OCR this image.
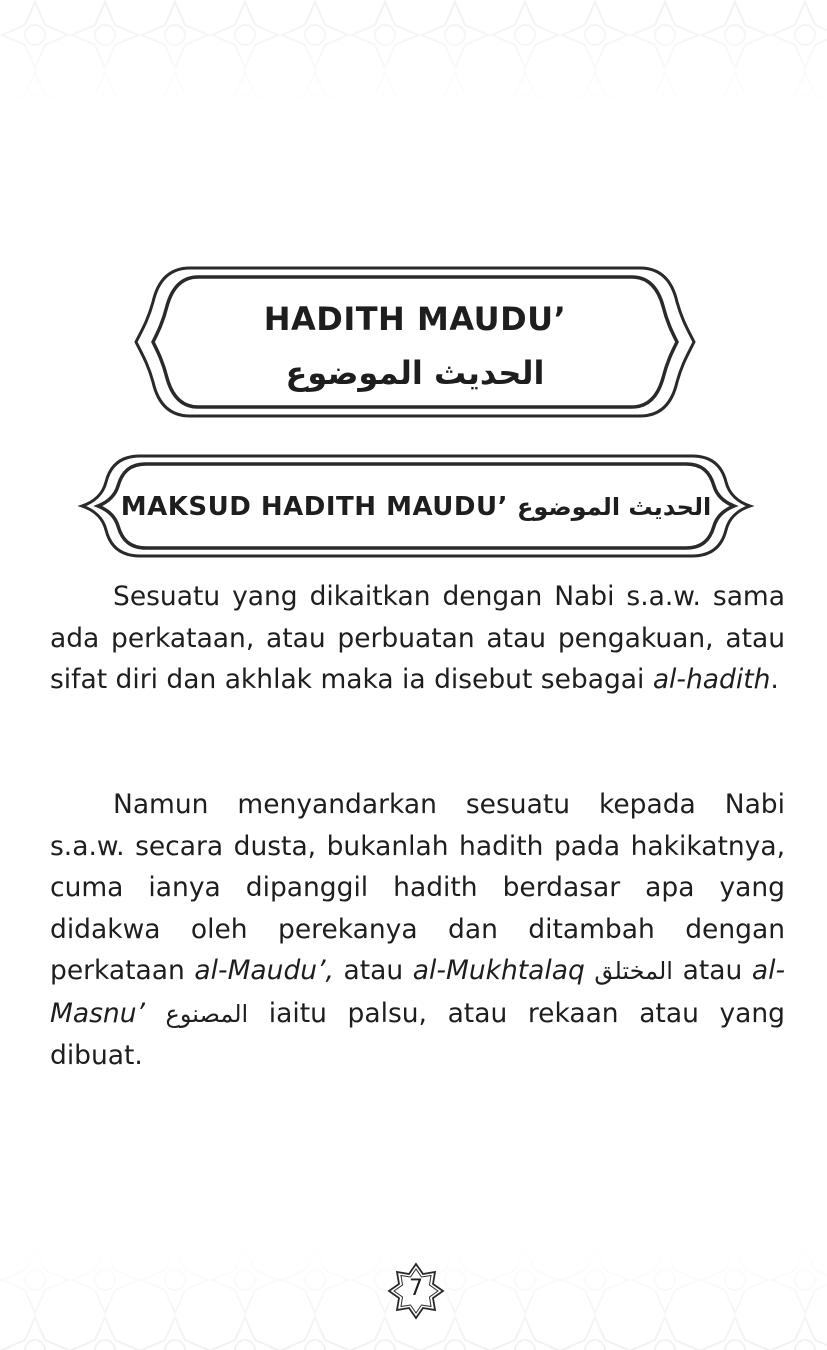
HADITH MAUDU’
الحديث الموضوع
MAKSUD HADITH MAUDU’ الحديث الموضوع

Sesuatu yang dikaitkan dengan Nabi s.a.w. sama ada perkataan, atau perbuatan atau pengakuan, atau sifat diri dan akhlak maka ia disebut sebagai al-hadith.

Namun menyandarkan sesuatu kepada Nabi s.a.w. secara dusta, bukanlah hadith pada hakikatnya, cuma ianya dipanggil hadith berdasar apa yang didakwa oleh perekanya dan ditambah dengan perkataan al-Maudu’, atau al-Mukhtalaq المختلق atau al-Masnu’ المصنوع iaitu palsu, atau rekaan atau yang dibuat.

7
